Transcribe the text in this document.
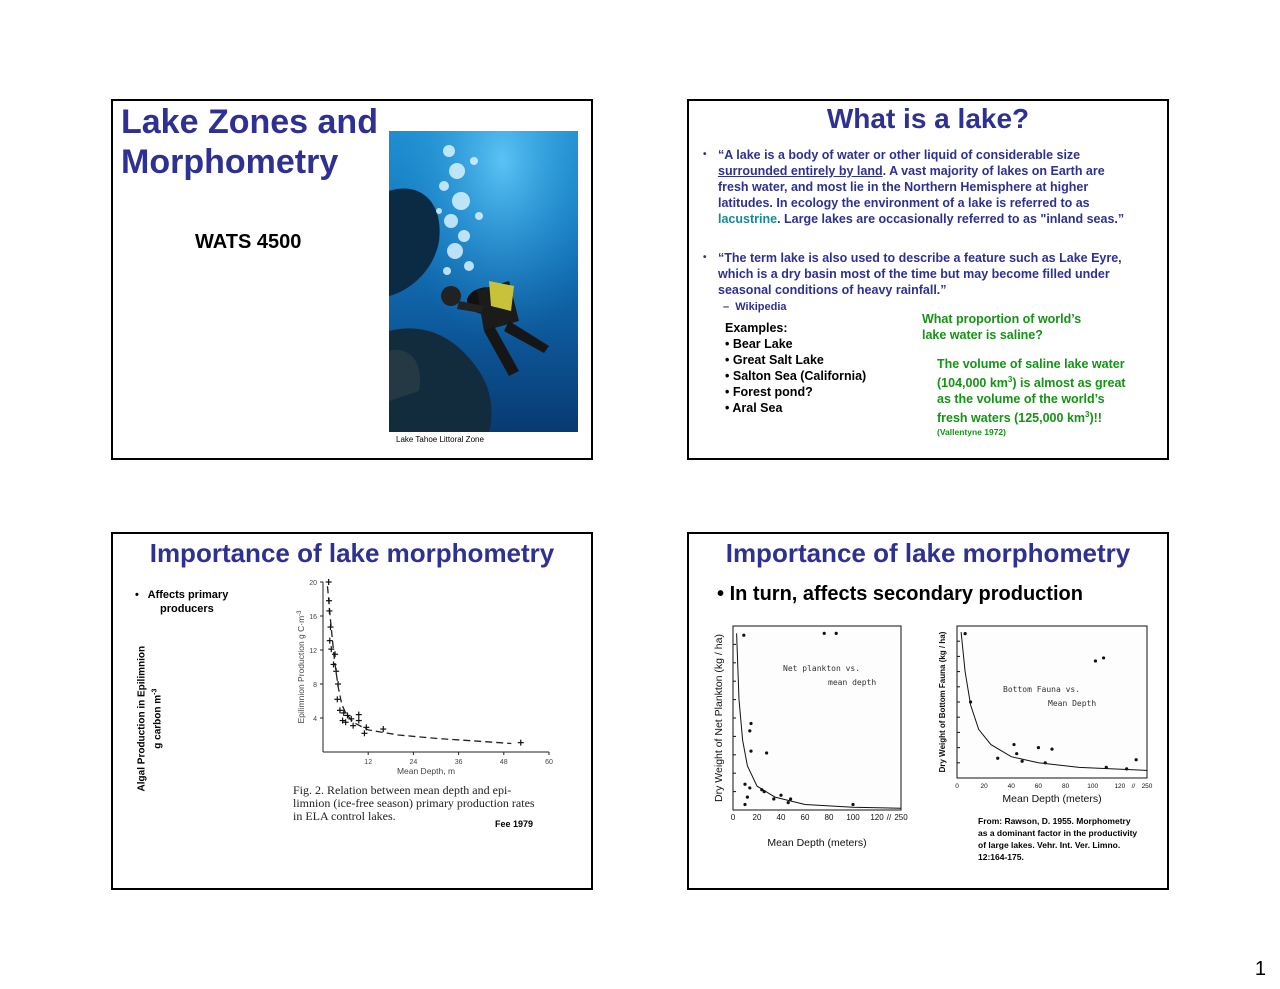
Lake Zones and
Morphometry
WATS 4500
Lake Tahoe Littoral Zone
What is a lake?
• “A lake is a body of water or other liquid of considerable size
surrounded entirely by land. A vast majority of lakes on Earth are
fresh water, and most lie in the Northern Hemisphere at higher
latitudes. In ecology the environment of a lake is referred to as
lacustrine. Large lakes are occasionally referred to as "inland seas.”
• “The term lake is also used to describe a feature such as Lake Eyre,
which is a dry basin most of the time but may become filled under
seasonal conditions of heavy rainfall.”
– Wikipedia
Examples:
• Bear Lake
• Great Salt Lake
• Salton Sea (California)
• Forest pond?
• Aral Sea
What proportion of world’s
lake water is saline?
The volume of saline lake water
(104,000 $km^3$) is almost as great
as the volume of the world’s
fresh waters (125,000 $km^3$)!!
(Vallentyne 1972)
Importance of lake morphometry
•   Affects primary
producers
Algal Production in Epilimnion g carbon $m^{-3}$
4
8
12
16
20
12	24	36	48	60
Epilimnion Production g $C\cdot m^{-3}$
Mean Depth, m
Fig. 2. Relation between mean depth and epi-
limnion (ice-free season) primary production rates
in ELA control lakes.
Fee 1979
Importance of lake morphometry
• In turn, affects secondary production
0 20 40 60 80 100 120 // 250
Mean Depth (meters)
Dry Weight of Net Plankton (kg / ha)	Net plankton vs.
mean depth
0	20	40	60	80	100	120 // 250
Mean Depth (meters)
Dry Weight of Bottom Fauna (kg / ha)	Bottom Fauna vs.
Mean Depth
From: Rawson, D. 1955. Morphometry
as a dominant factor in the productivity
of large lakes. Vehr. Int. Ver. Limno.
12:164-175.
1
